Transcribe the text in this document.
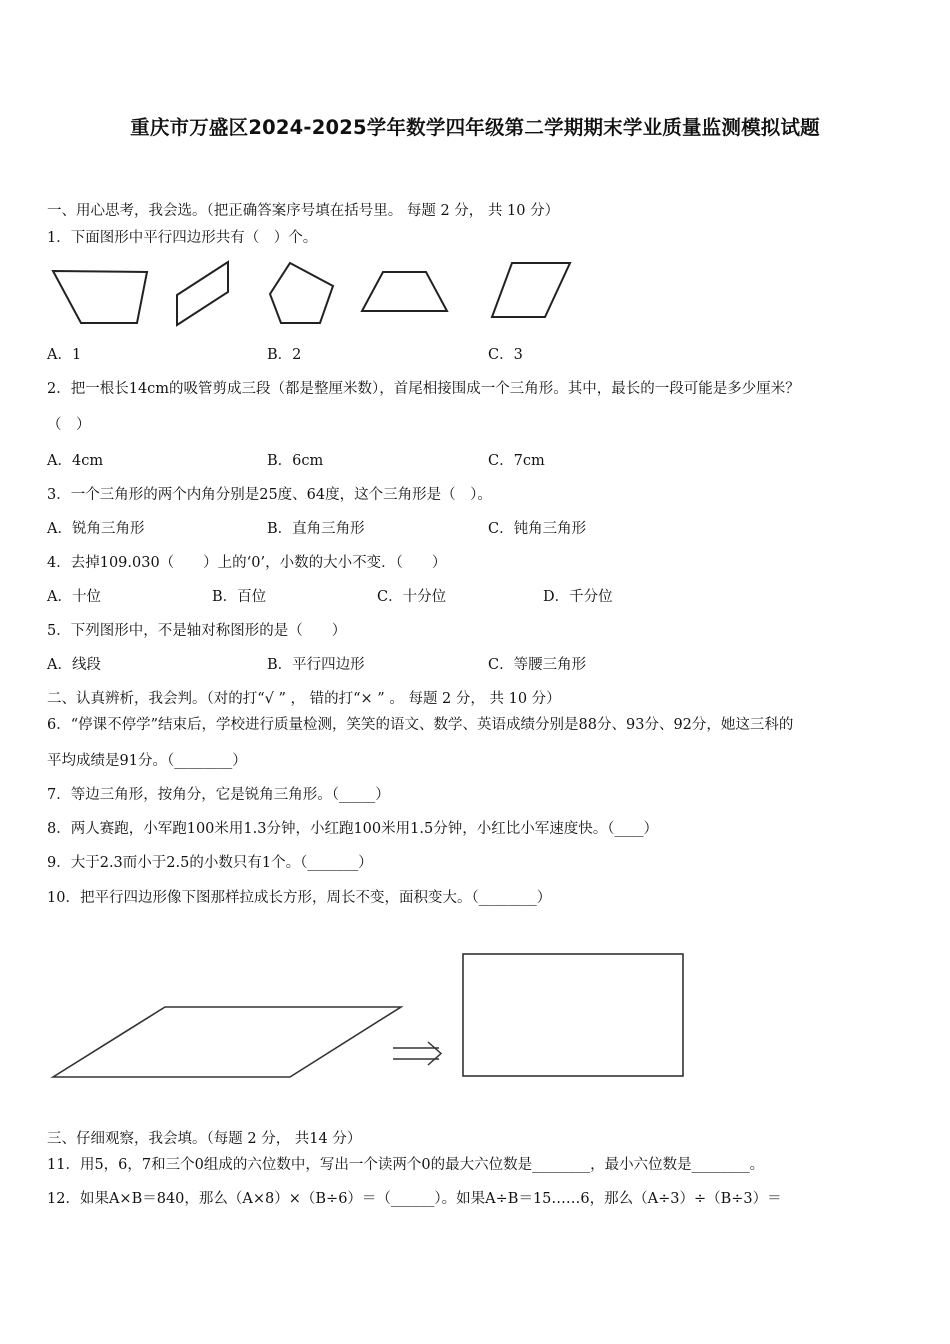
重庆市万盛区2024-2025学年数学四年级第二学期期末学业质量监测模拟试题
一、用心思考，我会选。（把正确答案序号填在括号里。 每题 2 分， 共 10 分）
1．下面图形中平行四边形共有（　）个。
A．1	B．2	C．3
2．把一根长14cm的吸管剪成三段（都是整厘米数），首尾相接围成一个三角形。其中，最长的一段可能是多少厘米？
（　）
A．4cm	B．6cm	C．7cm
3．一个三角形的两个内角分别是25度、64度，这个三角形是（　）。
A．锐角三角形	B．直角三角形	C．钝角三角形
4．去掉109.030（　　）上的‘0’，小数的大小不变．（　　）
A．十位	B．百位	C．十分位	D．千分位
5．下列图形中，不是轴对称图形的是（　　）
A．线段	B．平行四边形	C．等腰三角形
二、认真辨析，我会判。（对的打“√ ” ， 错的打“× ” 。 每题 2 分， 共 10 分）
6．“停课不停学”结束后，学校进行质量检测，笑笑的语文、数学、英语成绩分别是88分、93分、92分，她这三科的
平均成绩是91分。（________）
7．等边三角形，按角分，它是锐角三角形。（_____）
8．两人赛跑，小军跑100米用1.3分钟，小红跑100米用1.5分钟，小红比小军速度快。（____）
9．大于2.3而小于2.5的小数只有1个。（_______）
10．把平行四边形像下图那样拉成长方形，周长不变，面积变大。（________）
三、仔细观察，我会填。（每题 2 分， 共14 分）
11．用5，6，7和三个0组成的六位数中，写出一个读两个0的最大六位数是________，最小六位数是________。
12．如果A×B＝840，那么（A×8）×（B÷6）＝（______）。如果A÷B＝15……6，那么（A÷3）÷（B÷3）＝
